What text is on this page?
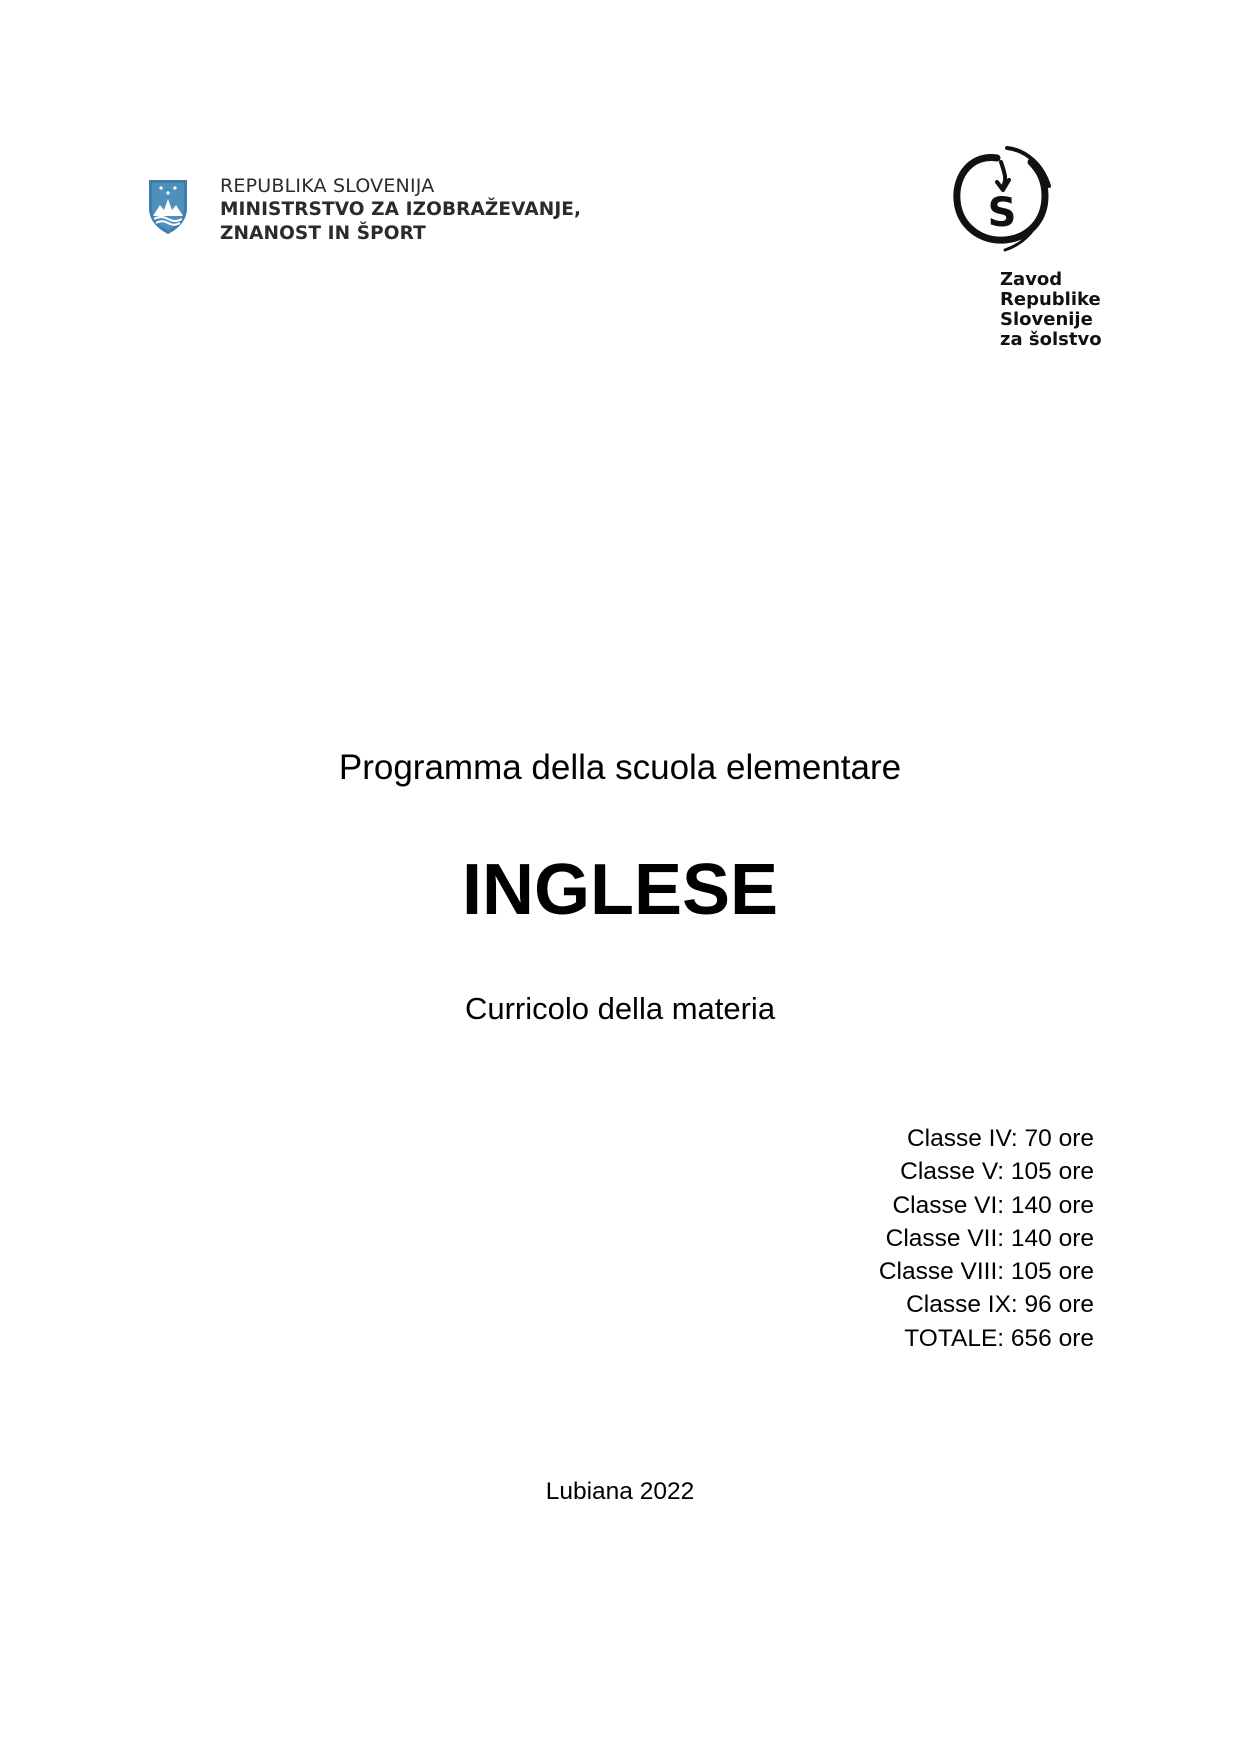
REPUBLIKA SLOVENIJA
MINISTRSTVO ZA IZOBRAŽEVANJE,
ZNANOST IN ŠPORT	S
Zavod
Republike
Slovenije
za šolstvo
Programma della scuola elementare
INGLESE
Curricolo della materia
Classe IV: 70 ore
Classe V: 105 ore
Classe VI: 140 ore
Classe VII: 140 ore
Classe VIII: 105 ore
Classe IX: 96 ore
TOTALE: 656 ore
Lubiana 2022
